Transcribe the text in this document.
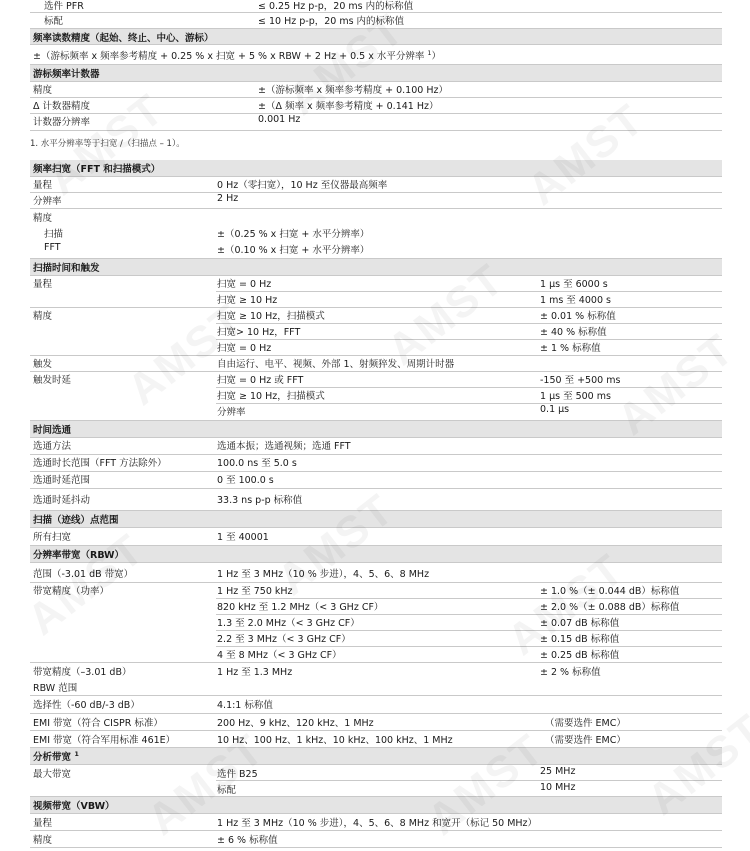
选件 PFR	≤ 0.25 Hz p-p，20 ms 内的标称值
标配	≤ 10 Hz p-p，20 ms 内的标称值
频率读数精度（起始、终止、中心、游标）
±（游标频率 x 频率参考精度 + 0.25 % x 扫宽 + 5 % x RBW + 2 Hz + 0.5 x 水平分辨率 $^1$）
游标频率计数器
精度	±（游标频率 x 频率参考精度 + 0.100 Hz）
Δ 计数器精度	±（Δ 频率 x 频率参考精度 + 0.141 Hz）
计数器分辨率	0.001 Hz
1. 水平分辨率等于扫宽 /（扫描点 – 1）。
频率扫宽（FFT 和扫描模式）
量程	0 Hz（零扫宽），10 Hz 至仪器最高频率
分辨率	2 Hz
精度
扫描	±（0.25 % x 扫宽 + 水平分辨率）
FFT	±（0.10 % x 扫宽 + 水平分辨率）
扫描时间和触发
量程	扫宽 = 0 Hz	1 μs 至 6000 s
扫宽 ≥ 10 Hz	1 ms 至 4000 s
精度	扫宽 ≥ 10 Hz，扫描模式	± 0.01 % 标称值
扫宽> 10 Hz，FFT	± 40 % 标称值
扫宽 = 0 Hz	± 1 % 标称值
触发	自由运行、电平、视频、外部 1、射频猝发、周期计时器
触发时延	扫宽 = 0 Hz 或 FFT	-150 至 +500 ms
扫宽 ≥ 10 Hz，扫描模式	1 μs 至 500 ms
分辨率	0.1 μs
时间选通
选通方法	选通本振；选通视频；选通 FFT
选通时长范围（FFT 方法除外）	100.0 ns 至 5.0 s
选通时延范围	0 至 100.0 s
选通时延抖动	33.3 ns p-p 标称值
扫描（迹线）点范围
所有扫宽	1 至 40001
分辨率带宽（RBW）
范围（-3.01 dB 带宽）	1 Hz 至 3 MHz（10 % 步进），4、5、6、8 MHz
带宽精度（功率）	1 Hz 至 750 kHz	± 1.0 %（± 0.044 dB）标称值
820 kHz 至 1.2 MHz（< 3 GHz CF）	± 2.0 %（± 0.088 dB）标称值
1.3 至 2.0 MHz（< 3 GHz CF）	± 0.07 dB 标称值
2.2 至 3 MHz（< 3 GHz CF）	± 0.15 dB 标称值
4 至 8 MHz（< 3 GHz CF）	± 0.25 dB 标称值
带宽精度（–3.01 dB）
RBW 范围
1 Hz 至 1.3 MHz	± 2 % 标称值
选择性（-60 dB/-3 dB）	4.1:1 标称值
EMI 带宽（符合 CISPR 标准）	200 Hz、9 kHz、120 kHz、1 MHz	（需要选件 EMC）
EMI 带宽（符合军用标准 461E）	10 Hz、100 Hz、1 kHz、10 kHz、100 kHz、1 MHz	（需要选件 EMC）
分析带宽 $^1$
最大带宽	选件 B25	25 MHz
标配	10 MHz
视频带宽（VBW）
量程	1 Hz 至 3 MHz（10 % 步进），4、5、6、8 MHz 和宽开（标记 50 MHz）
精度	± 6 % 标称值
